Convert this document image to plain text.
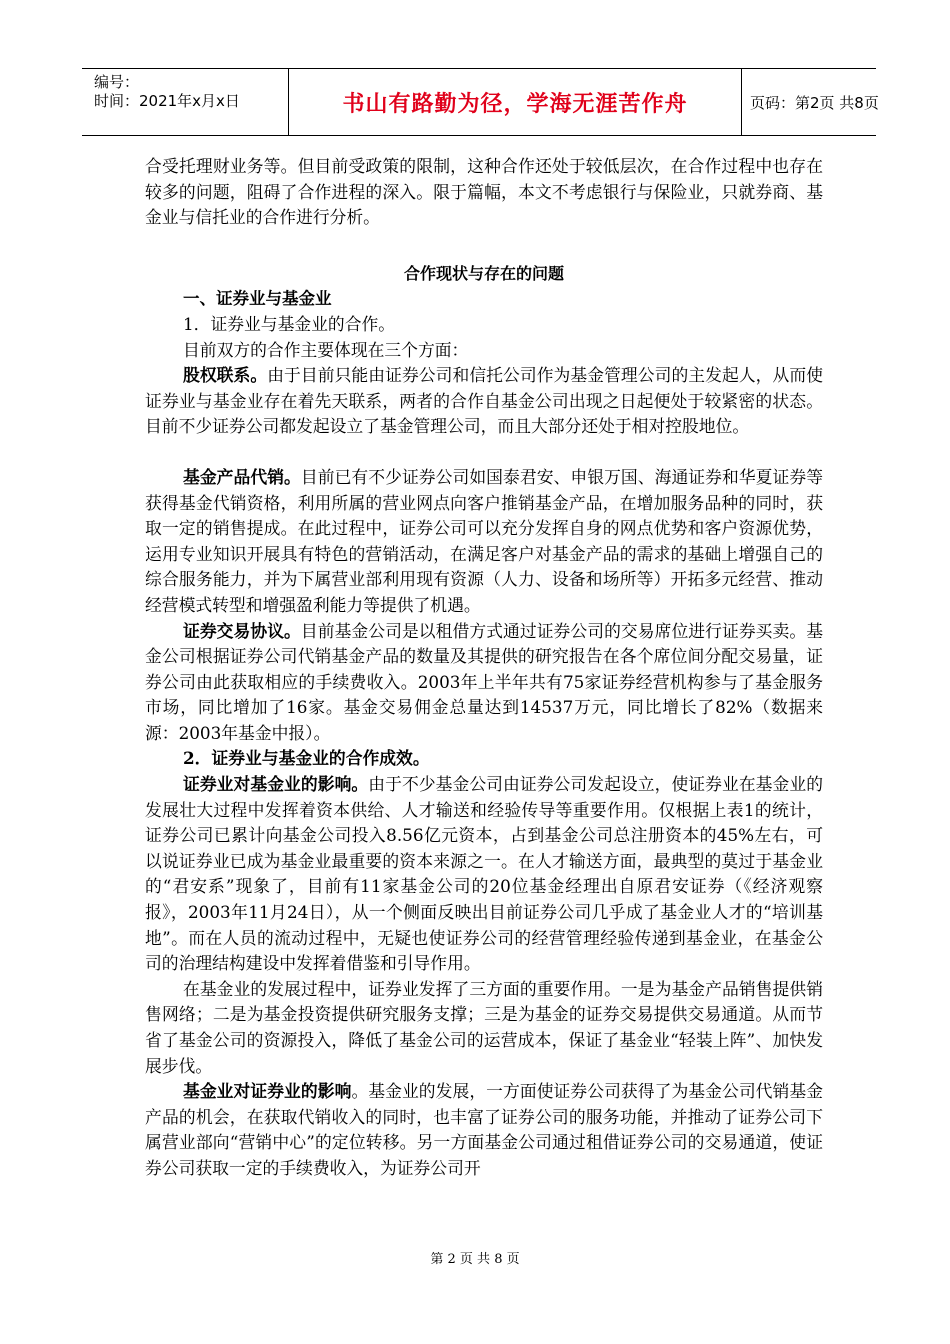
编号：
时间：2021年x月x日	书山有路勤为径，学海无涯苦作舟	页码：第2页 共8页

合受托理财业务等。但目前受政策的限制，这种合作还处于较低层次，在合作过程中也存在较多的问题，阻碍了合作进程的深入。限于篇幅，本文不考虑银行与保险业，只就券商、基金业与信托业的合作进行分析。

合作现状与存在的问题

一、证券业与基金业

1．证券业与基金业的合作。

目前双方的合作主要体现在三个方面：

股权联系。由于目前只能由证券公司和信托公司作为基金管理公司的主发起人，从而使证券业与基金业存在着先天联系，两者的合作自基金公司出现之日起便处于较紧密的状态。目前不少证券公司都发起设立了基金管理公司，而且大部分还处于相对控股地位。

基金产品代销。目前已有不少证券公司如国泰君安、申银万国、海通证券和华夏证券等获得基金代销资格，利用所属的营业网点向客户推销基金产品，在增加服务品种的同时，获取一定的销售提成。在此过程中，证券公司可以充分发挥自身的网点优势和客户资源优势，运用专业知识开展具有特色的营销活动，在满足客户对基金产品的需求的基础上增强自己的综合服务能力，并为下属营业部利用现有资源（人力、设备和场所等）开拓多元经营、推动经营模式转型和增强盈利能力等提供了机遇。

证券交易协议。目前基金公司是以租借方式通过证券公司的交易席位进行证券买卖。基金公司根据证券公司代销基金产品的数量及其提供的研究报告在各个席位间分配交易量，证券公司由此获取相应的手续费收入。2003年上半年共有75家证券经营机构参与了基金服务市场，同比增加了16家。基金交易佣金总量达到14537万元，同比增长了82%（数据来源：2003年基金中报）。

2．证券业与基金业的合作成效。

证券业对基金业的影响。由于不少基金公司由证券公司发起设立，使证券业在基金业的发展壮大过程中发挥着资本供给、人才输送和经验传导等重要作用。仅根据上表1的统计，证券公司已累计向基金公司投入8.56亿元资本，占到基金公司总注册资本的45%左右，可以说证券业已成为基金业最重要的资本来源之一。在人才输送方面，最典型的莫过于基金业的“君安系”现象了，目前有11家基金公司的20位基金经理出自原君安证券（《经济观察报》，2003年11月24日），从一个侧面反映出目前证券公司几乎成了基金业人才的“培训基地”。而在人员的流动过程中，无疑也使证券公司的经营管理经验传递到基金业，在基金公司的治理结构建设中发挥着借鉴和引导作用。

在基金业的发展过程中，证券业发挥了三方面的重要作用。一是为基金产品销售提供销售网络；二是为基金投资提供研究服务支撑；三是为基金的证券交易提供交易通道。从而节省了基金公司的资源投入，降低了基金公司的运营成本，保证了基金业“轻装上阵”、加快发展步伐。

基金业对证券业的影响。基金业的发展，一方面使证券公司获得了为基金公司代销基金产品的机会，在获取代销收入的同时，也丰富了证券公司的服务功能，并推动了证券公司下属营业部向“营销中心”的定位转移。另一方面基金公司通过租借证券公司的交易通道，使证券公司获取一定的手续费收入，为证券公司开

第 2 页 共 8 页
